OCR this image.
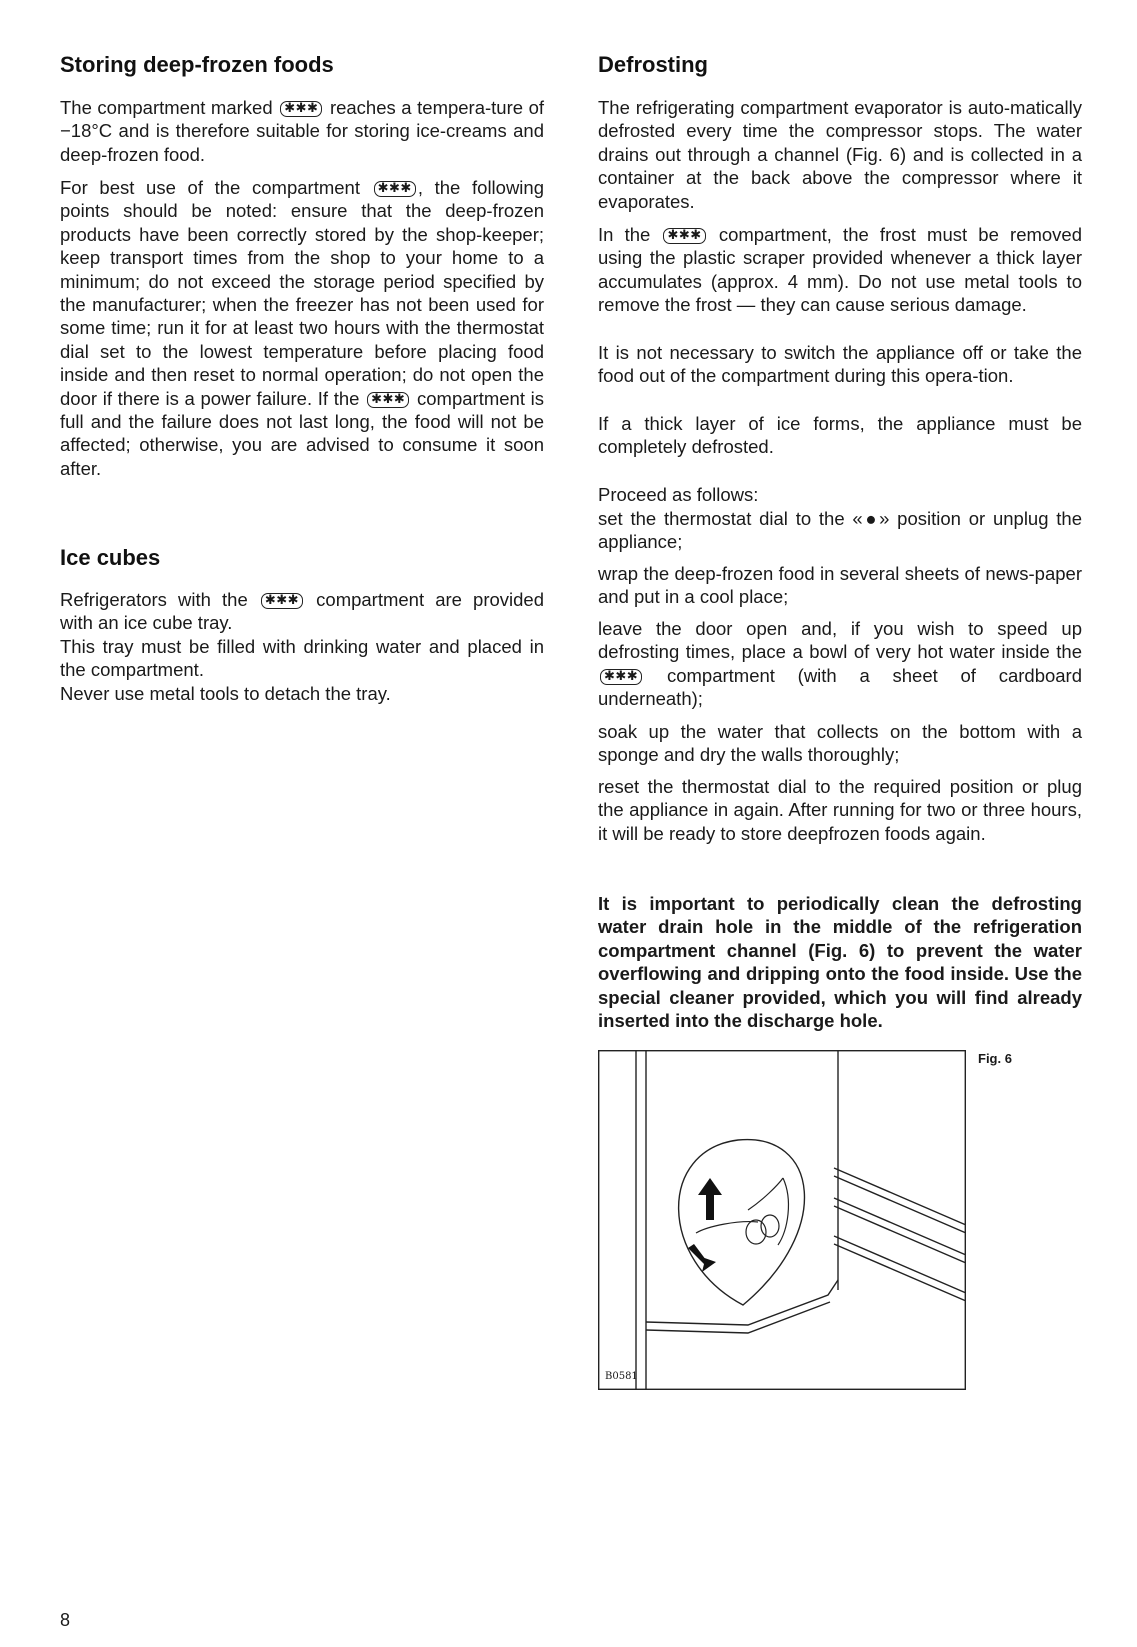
Storing deep-frozen foods

The compartment marked ✱✱✱ reaches a tempera-ture of −18°C and is therefore suitable for storing ice-creams and deep-frozen food.

For best use of the compartment ✱✱✱ , the following points should be noted: ensure that the deep-frozen products have been correctly stored by the shop-keeper; keep transport times from the shop to your home to a minimum; do not exceed the storage period specified by the manufacturer; when the freezer has not been used for some time; run it for at least two hours with the thermostat dial set to the lowest temperature before placing food inside and then reset to normal operation; do not open the door if there is a power failure. If the ✱✱✱ compartment is full and the failure does not last long, the food will not be affected; otherwise, you are advised to consume it soon after.

Ice cubes

Refrigerators with the ✱✱✱ compartment are provided with an ice cube tray.

This tray must be filled with drinking water and placed in the compartment.

Never use metal tools to detach the tray.

Defrosting

The refrigerating compartment evaporator is auto-matically defrosted every time the compressor stops. The water drains out through a channel (Fig. 6) and is collected in a container at the back above the compressor where it evaporates.

In the ✱✱✱ compartment, the frost must be removed using the plastic scraper provided whenever a thick layer accumulates (approx. 4 mm). Do not use metal tools to remove the frost — they can cause serious damage.

It is not necessary to switch the appliance off or take the food out of the compartment during this opera-tion.

If a thick layer of ice forms, the appliance must be completely defrosted.

Proceed as follows:

set the thermostat dial to the «●» position or unplug the appliance;

wrap the deep-frozen food in several sheets of news-paper and put in a cool place;

leave the door open and, if you wish to speed up defrosting times, place a bowl of very hot water inside the ✱✱✱ compartment (with a sheet of cardboard underneath);

soak up the water that collects on the bottom with a sponge and dry the walls thoroughly;

reset the thermostat dial to the required position or plug the appliance in again. After running for two or three hours, it will be ready to store deepfrozen foods again.

It is important to periodically clean the defrosting water drain hole in the middle of the refrigeration compartment channel (Fig. 6) to prevent the water overflowing and dripping onto the food inside. Use the special cleaner provided, which you will find already inserted into the discharge hole.

Fig. 6
B0581
8
